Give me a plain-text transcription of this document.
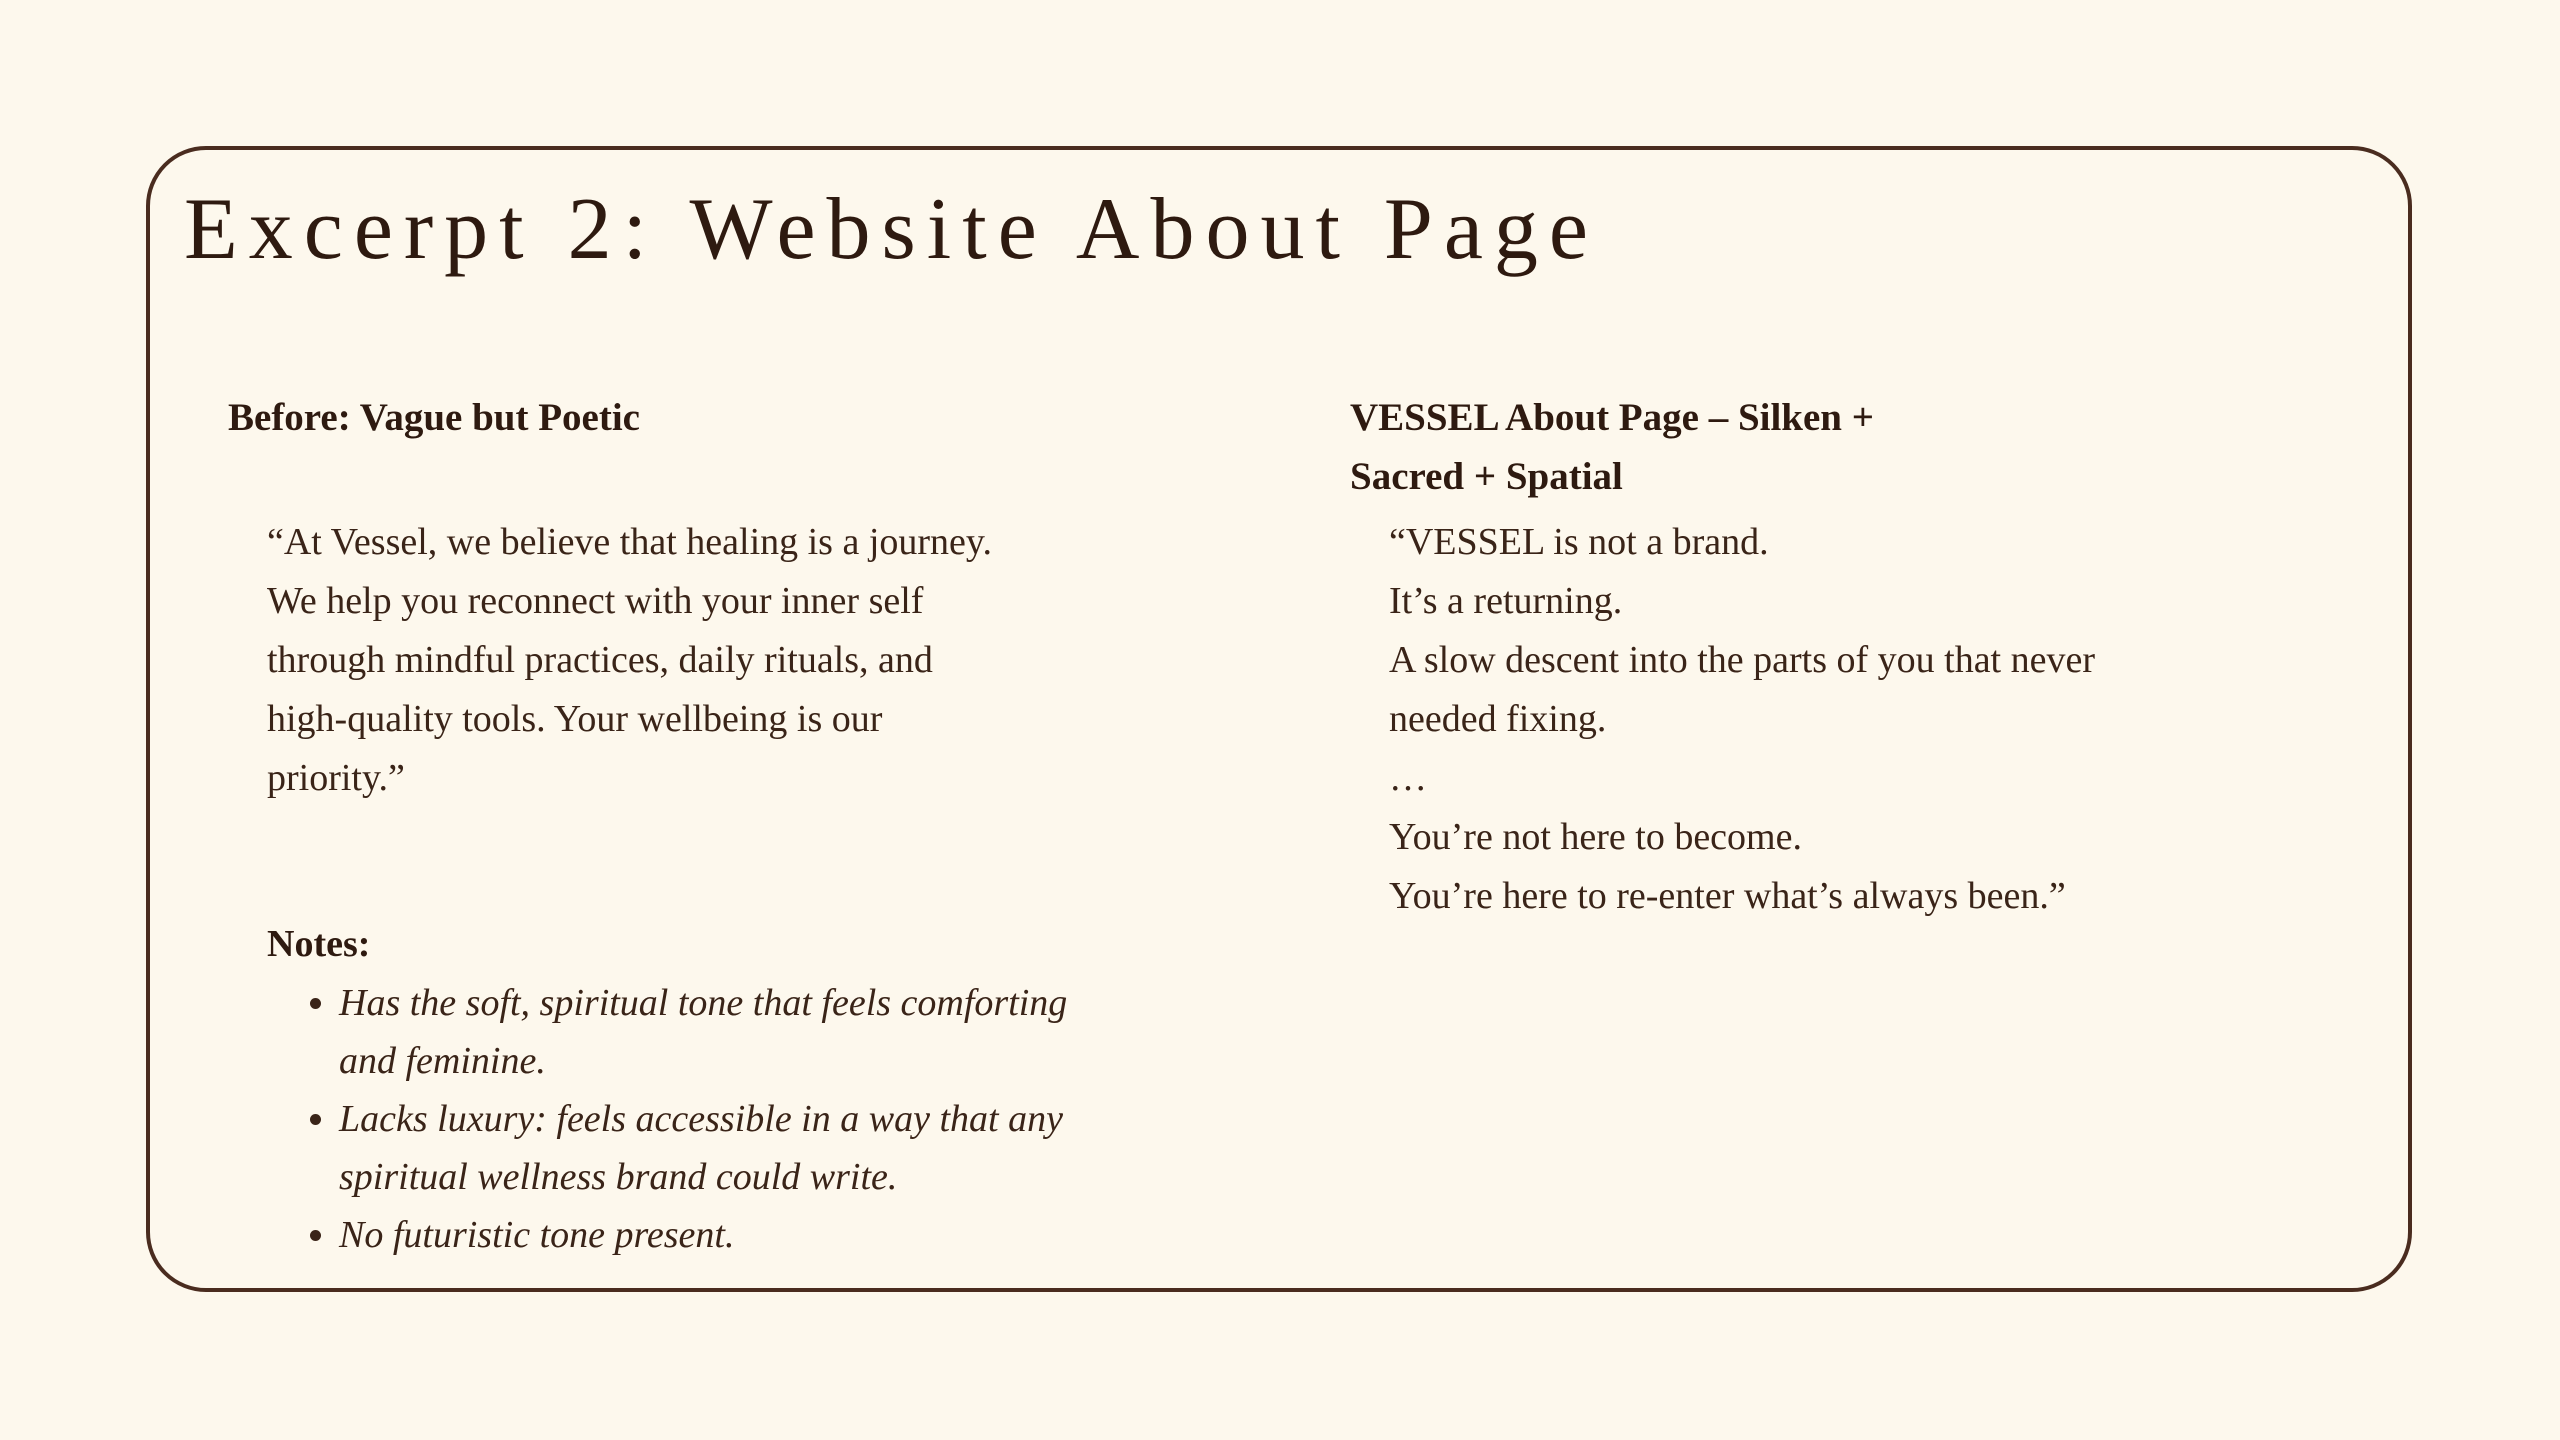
Excerpt 2: Website About Page
Before: Vague but Poetic
“At Vessel, we believe that healing is a journey.
We help you reconnect with your inner self
through mindful practices, daily rituals, and
high-quality tools. Your wellbeing is our
priority.”

Notes:

• Has the soft, spiritual tone that feels comforting and feminine.
• Lacks luxury: feels accessible in a way that any spiritual wellness brand could write.
• No futuristic tone present.
VESSEL About Page – Silken + Sacred + Spatial
“VESSEL is not a brand.
It’s a returning.
A slow descent into the parts of you that never
needed fixing.
…
You’re not here to become.
You’re here to re-enter what’s always been.”
